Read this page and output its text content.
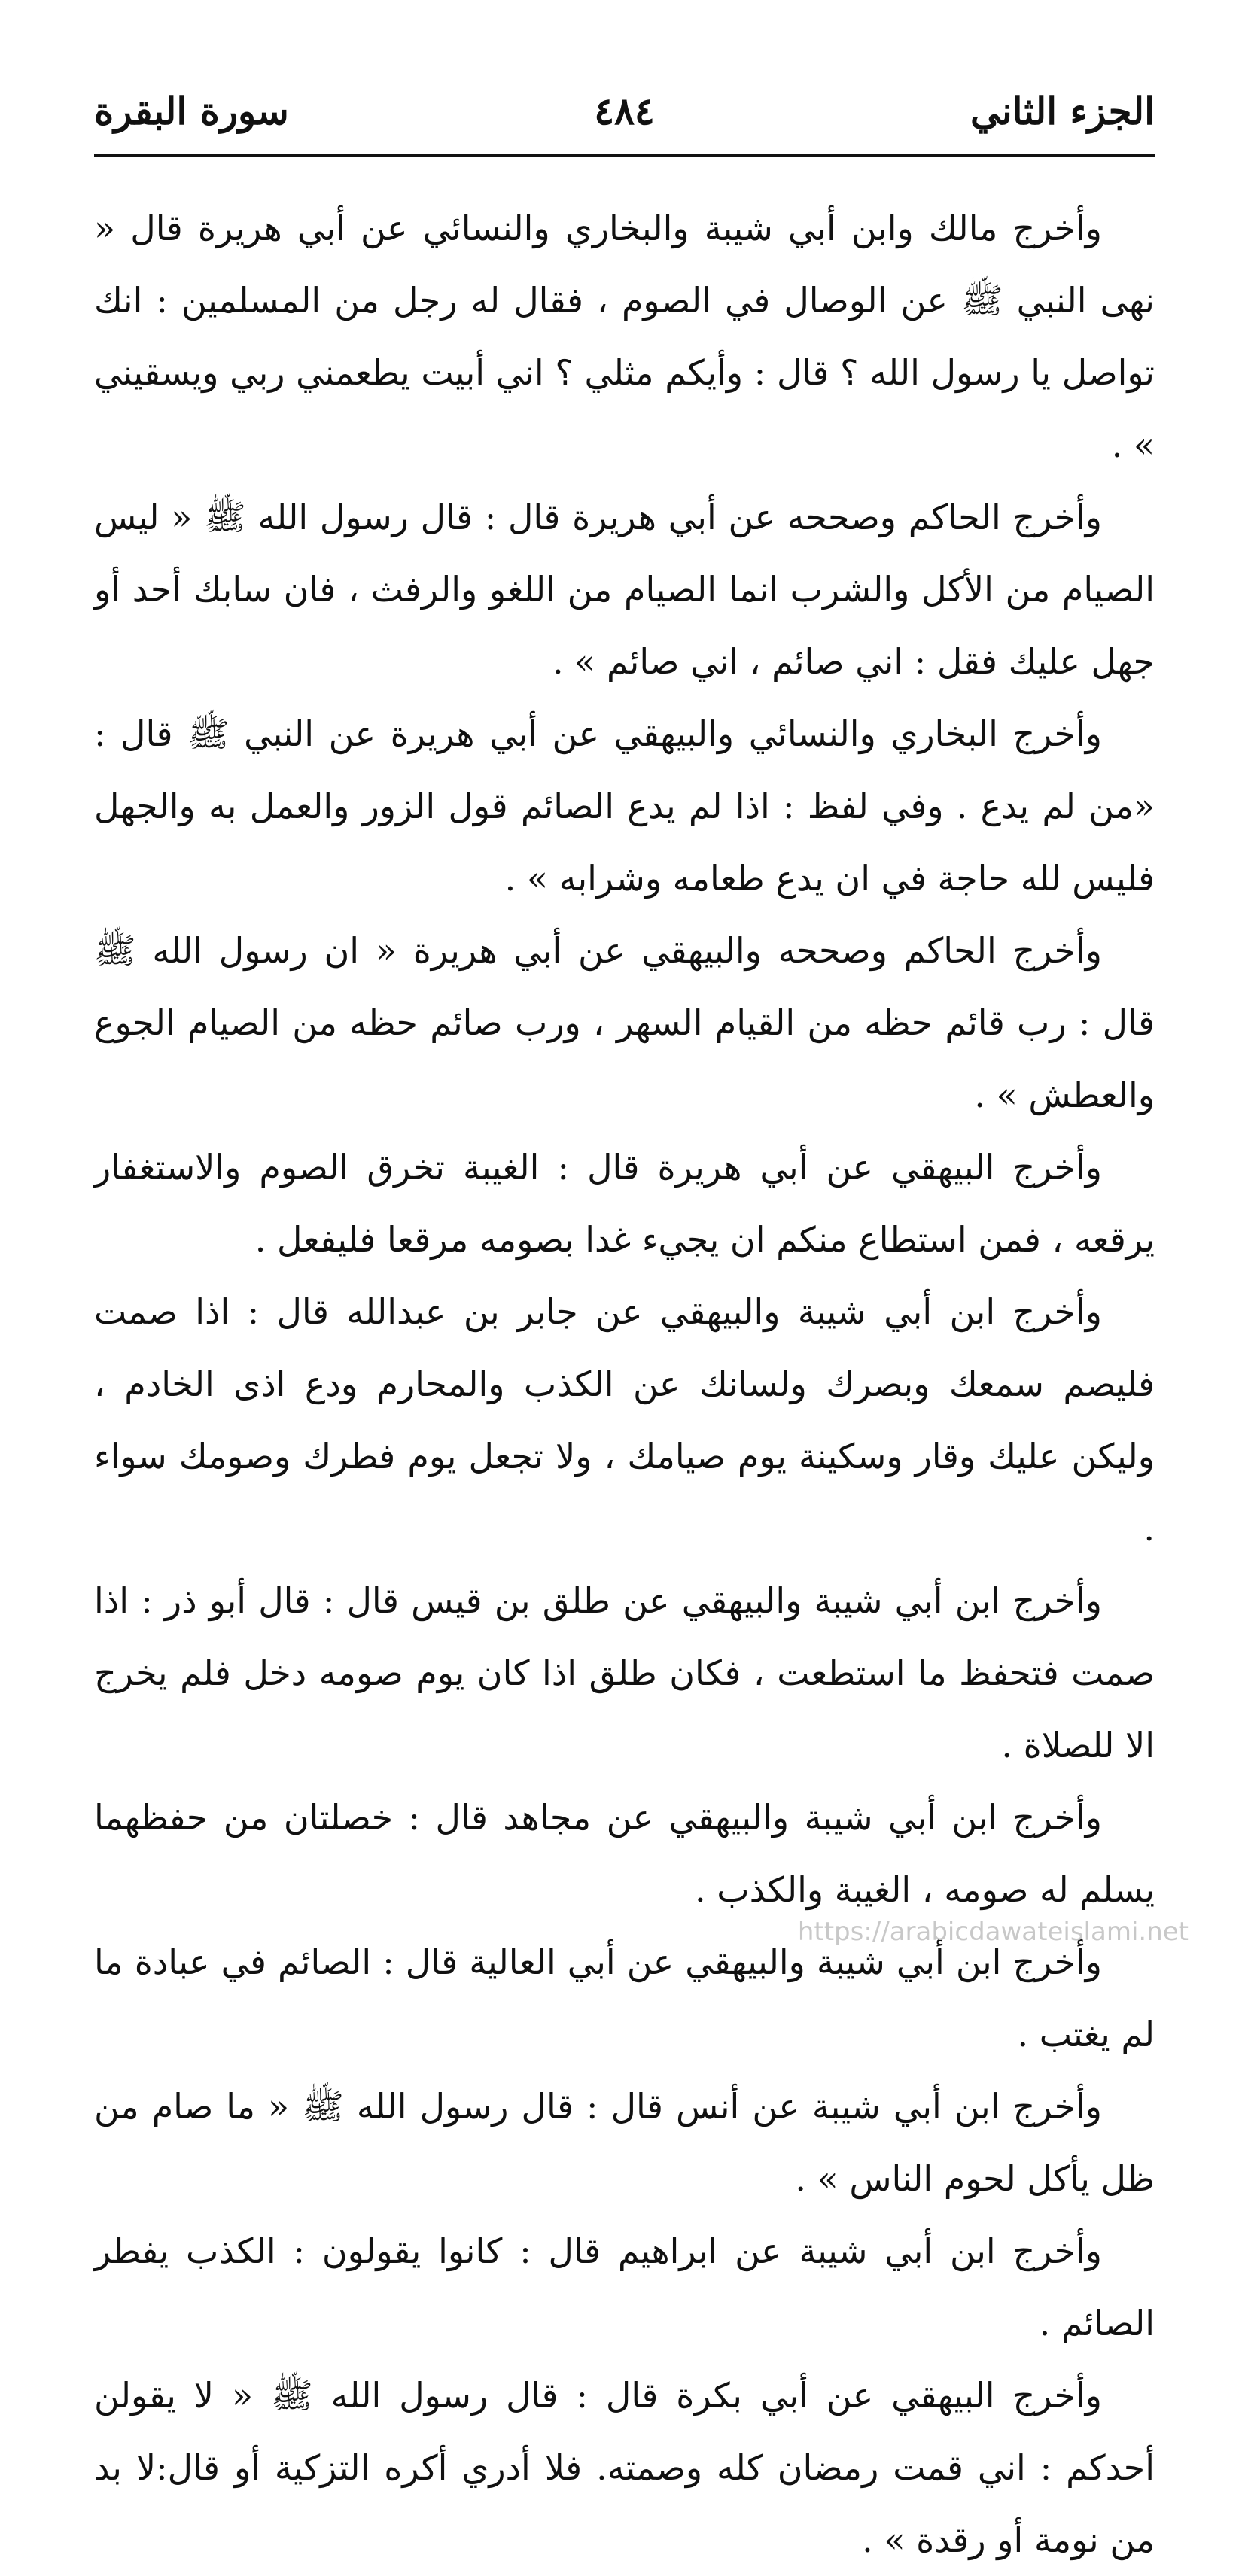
الجزء الثاني
٤٨٤
سورة البقرة

وأخرج مالك وابن أبي شيبة والبخاري والنسائي عن أبي هريرة قال « نهى النبي ﷺ عن الوصال في الصوم ، فقال له رجل من المسلمين : انك تواصل يا رسول الله ؟ قال : وأيكم مثلي ؟ اني أبيت يطعمني ربي ويسقيني » .

وأخرج الحاكم وصححه عن أبي هريرة قال : قال رسول الله ﷺ « ليس الصيام من الأكل والشرب انما الصيام من اللغو والرفث ، فان سابك أحد أو جهل عليك فقل : اني صائم ، اني صائم » .

وأخرج البخاري والنسائي والبيهقي عن أبي هريرة عن النبي ﷺ قال : «من لم يدع . وفي لفظ : اذا لم يدع الصائم قول الزور والعمل به والجهل فليس لله حاجة في ان يدع طعامه وشرابه » .

وأخرج الحاكم وصححه والبيهقي عن أبي هريرة « ان رسول الله ﷺ قال : رب قائم حظه من القيام السهر ، ورب صائم حظه من الصيام الجوع والعطش » .

وأخرج البيهقي عن أبي هريرة قال : الغيبة تخرق الصوم والاستغفار يرقعه ، فمن استطاع منكم ان يجيء غدا بصومه مرقعا فليفعل .

وأخرج ابن أبي شيبة والبيهقي عن جابر بن عبدالله قال : اذا صمت فليصم سمعك وبصرك ولسانك عن الكذب والمحارم ودع اذى الخادم ، وليكن عليك وقار وسكينة يوم صيامك ، ولا تجعل يوم فطرك وصومك سواء .

وأخرج ابن أبي شيبة والبيهقي عن طلق بن قيس قال : قال أبو ذر : اذا صمت فتحفظ ما استطعت ، فكان طلق اذا كان يوم صومه دخل فلم يخرج الا للصلاة .

وأخرج ابن أبي شيبة والبيهقي عن مجاهد قال : خصلتان من حفظهما يسلم له صومه ، الغيبة والكذب .

وأخرج ابن أبي شيبة والبيهقي عن أبي العالية قال : الصائم في عبادة ما لم يغتب .

وأخرج ابن أبي شيبة عن أنس قال : قال رسول الله ﷺ « ما صام من ظل يأكل لحوم الناس » .

وأخرج ابن أبي شيبة عن ابراهيم قال : كانوا يقولون : الكذب يفطر الصائم .

وأخرج البيهقي عن أبي بكرة قال : قال رسول الله ﷺ « لا يقولن أحدكم : اني قمت رمضان كله وصمته. فلا أدري أكره التزكية أو قال:لا بد من نومة أو رقدة » .

https://arabicdawateislami.net
